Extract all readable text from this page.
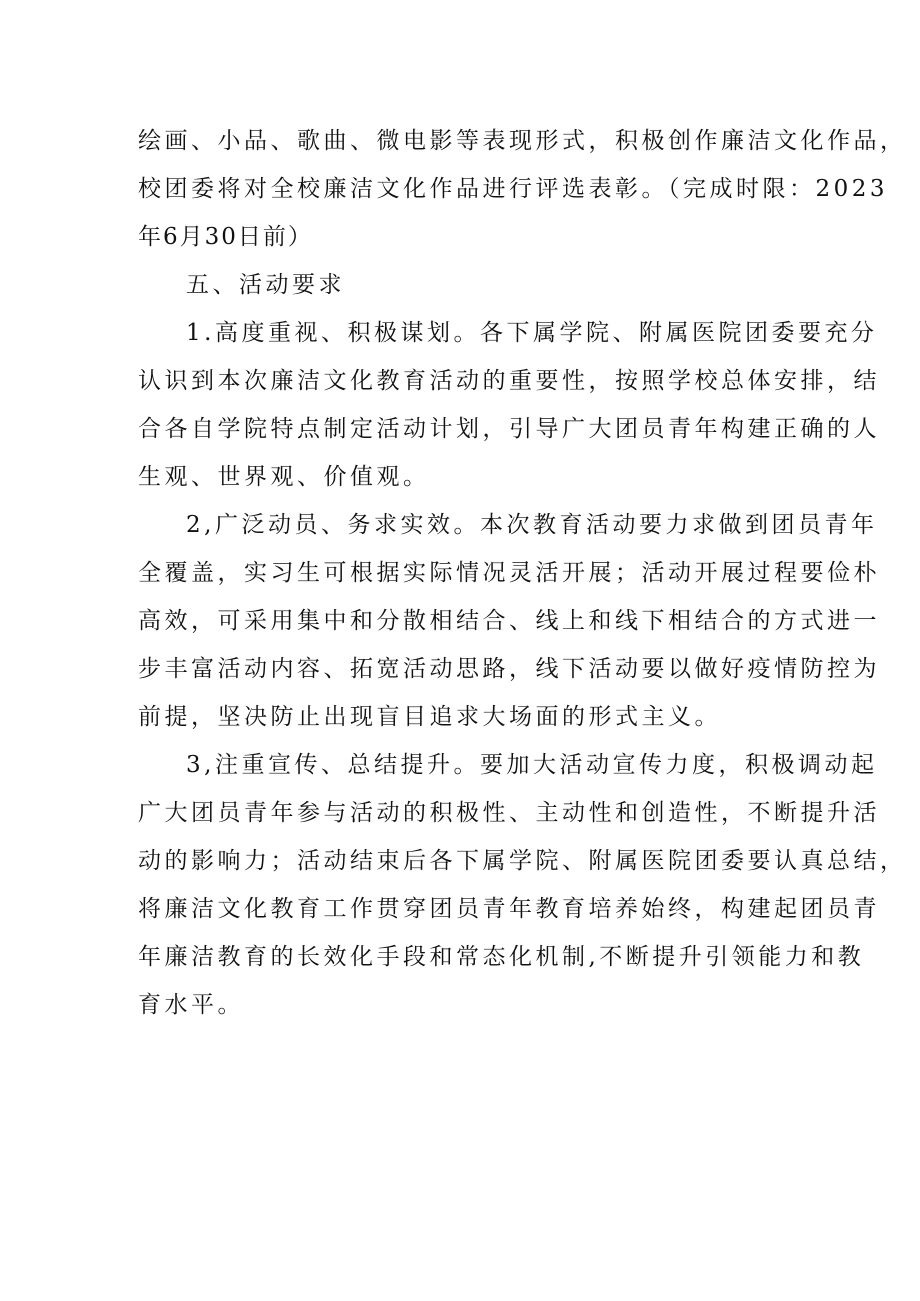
绘画、小品、歌曲、微电影等表现形式，积极创作廉洁文化作品，
校团委将对全校廉洁文化作品进行评选表彰。（完成时限：2023
年6月30日前）
五、活动要求
1.高度重视、积极谋划。各下属学院、附属医院团委要充分
认识到本次廉洁文化教育活动的重要性，按照学校总体安排，结
合各自学院特点制定活动计划，引导广大团员青年构建正确的人
生观、世界观、价值观。
2,广泛动员、务求实效。本次教育活动要力求做到团员青年
全覆盖，实习生可根据实际情况灵活开展；活动开展过程要俭朴
高效，可采用集中和分散相结合、线上和线下相结合的方式进一
步丰富活动内容、拓宽活动思路，线下活动要以做好疫情防控为
前提，坚决防止出现盲目追求大场面的形式主义。
3,注重宣传、总结提升。要加大活动宣传力度，积极调动起
广大团员青年参与活动的积极性、主动性和创造性，不断提升活
动的影响力；活动结束后各下属学院、附属医院团委要认真总结，
将廉洁文化教育工作贯穿团员青年教育培养始终，构建起团员青
年廉洁教育的长效化手段和常态化机制,不断提升引领能力和教
育水平。
